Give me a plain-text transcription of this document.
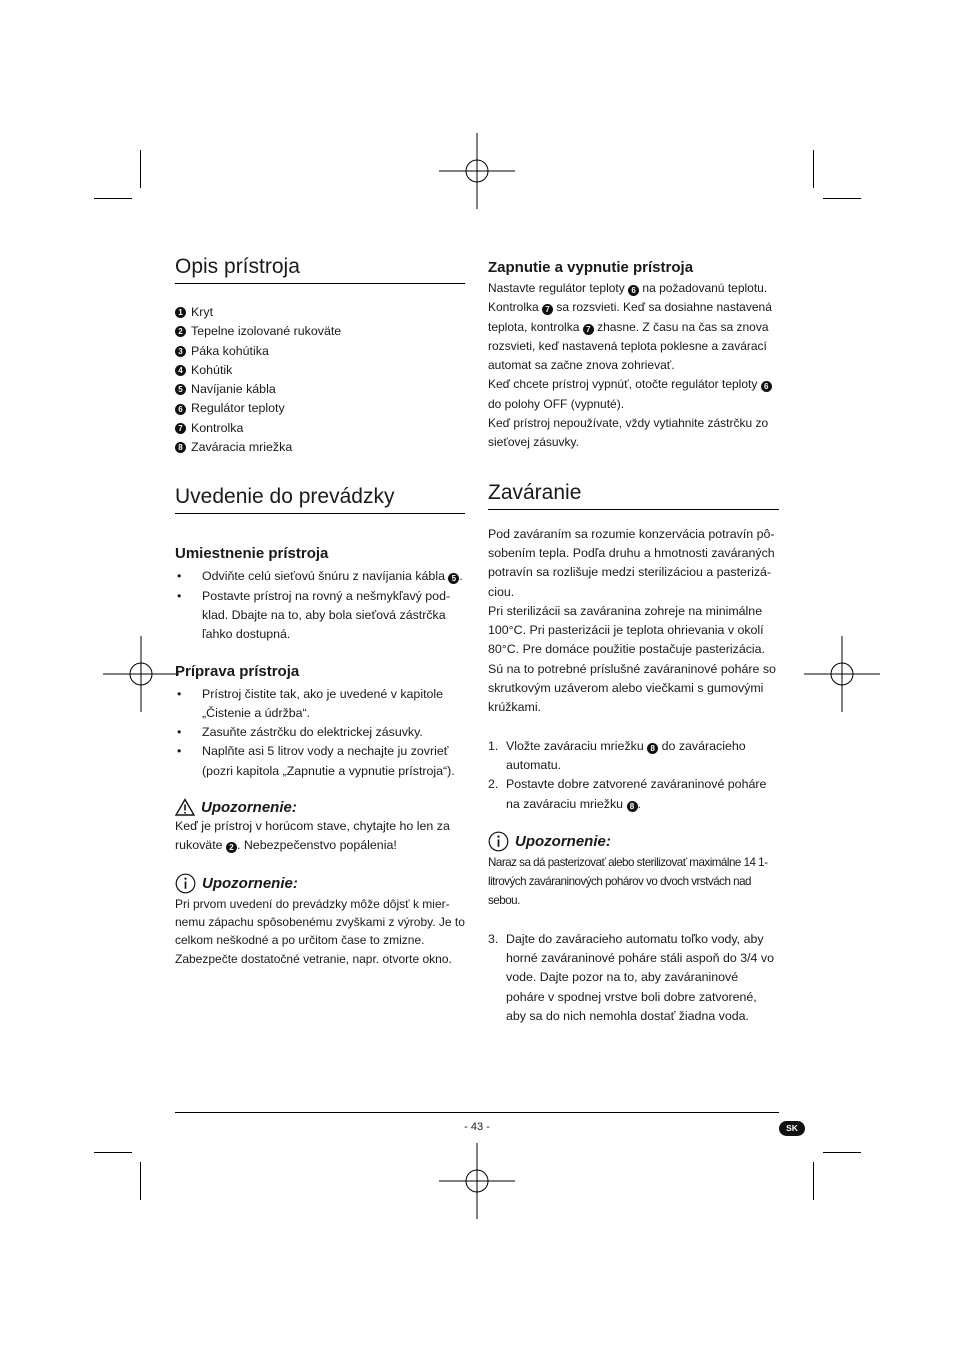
Opis prístroja
1 Kryt
2 Tepelne izolované rukoväte
3 Páka kohútika
4 Kohútik
5 Navíjanie kábla
6 Regulátor teploty
7 Kontrolka
8 Zaváracia mriežka
Uvedenie do prevádzky
Umiestnenie prístroja
• Odviňte celú sieťovú šnúru z navíjania kábla 5 .
• Postavte prístroj na rovný a nešmykľavý pod-klad. Dbajte na to, aby bola sieťová zástrčka ľahko dostupná.
Príprava prístroja
• Prístroj čistite tak, ako je uvedené v kapitole „Čistenie a údržba“.
• Zasuňte zástrčku do elektrickej zásuvky.
• Naplňte asi 5 litrov vody a nechajte ju zovrieť (pozri kapitola „Zapnutie a vypnutie prístroja“).
Upozornenie:

Keď je prístroj v horúcom stave, chytajte ho len za rukoväte 2 . Nebezpečenstvo popálenia!

Upozornenie:

Pri prvom uvedení do prevádzky môže dôjsť k mier-nemu zápachu spôsobenému zvyškami z výroby. Je to celkom neškodné a po určitom čase to zmizne. Zabezpečte dostatočné vetranie, napr. otvorte okno.

Zapnutie a vypnutie prístroja

Nastavte regulátor teploty 6 na požadovanú teplotu. Kontrolka 7 sa rozsvieti. Keď sa dosiahne nastavená teplota, kontrolka 7 zhasne. Z času na čas sa znova rozsvieti, keď nastavená teplota poklesne a zavárací automat sa začne znova zohrievať.

Keď chcete prístroj vypnúť, otočte regulátor teploty 6 do polohy OFF (vypnuté).

Keď prístroj nepoužívate, vždy vytiahnite zástrčku zo sieťovej zásuvky.

Zaváranie

Pod zaváraním sa rozumie konzervácia potravín pô-sobením tepla. Podľa druhu a hmotnosti zaváraných potravín sa rozlišuje medzi sterilizáciou a pasterizá-ciou.

Pri sterilizácii sa zaváranina zohreje na minimálne 100°C. Pri pasterizácii je teplota ohrievania v okolí 80°C. Pre domáce použitie postačuje pasterizácia. Sú na to potrebné príslušné zaváraninové poháre so skrutkovým uzáverom alebo viečkami s gumovými krúžkami.

1. Vložte zaváraciu mriežku 8 do zaváracieho automatu.
2. Postavte dobre zatvorené zaváraninové poháre na zaváraciu mriežku 8 .
Upozornenie:

Naraz sa dá pasterizovať alebo sterilizovať maximálne 14 1-litrových zaváraninových pohárov vo dvoch vrstvách nad sebou.

3. Dajte do zaváracieho automatu toľko vody, aby horné zaváraninové poháre stáli aspoň do 3/4 vo vode. Dajte pozor na to, aby zaváraninové poháre v spodnej vrstve boli dobre zatvorené, aby sa do nich nemohla dostať žiadna voda.
- 43 -	SK
